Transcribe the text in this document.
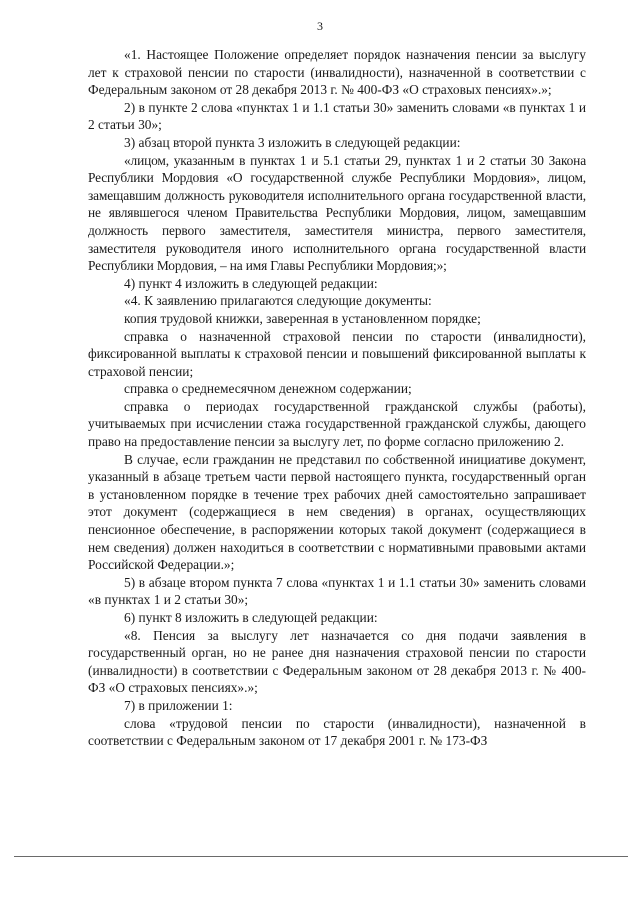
3

«1. Настоящее Положение определяет порядок назначения пенсии за выслугу лет к страховой пенсии по старости (инвалидности), назначенной в соответствии с Федеральным законом от 28 декабря 2013 г. № 400-ФЗ «О страховых пенсиях».»;

2) в пункте 2 слова «пунктах 1 и 1.1 статьи 30» заменить словами «в пунктах 1 и 2 статьи 30»;

3) абзац второй пункта 3 изложить в следующей редакции:

«лицом, указанным в пунктах 1 и 5.1 статьи 29, пунктах 1 и 2 статьи 30 Закона Республики Мордовия «О государственной службе Республики Мордовия», лицом, замещавшим должность руководителя исполнительного органа государственной власти, не являвшегося членом Правительства Республики Мордовия, лицом, замещавшим должность первого заместителя, заместителя министра, первого заместителя, заместителя руководителя иного исполнительного органа государственной власти Республики Мордовия, – на имя Главы Республики Мордовия;»;

4) пункт 4 изложить в следующей редакции:

«4. К заявлению прилагаются следующие документы:

копия трудовой книжки, заверенная в установленном порядке;

справка о назначенной страховой пенсии по старости (инвалидности), фиксированной выплаты к страховой пенсии и повышений фиксированной выплаты к страховой пенсии;

справка о среднемесячном денежном содержании;

справка о периодах государственной гражданской службы (работы), учитываемых при исчислении стажа государственной гражданской службы, дающего право на предоставление пенсии за выслугу лет, по форме согласно приложению 2.

В случае, если гражданин не представил по собственной инициативе документ, указанный в абзаце третьем части первой настоящего пункта, государственный орган в установленном порядке в течение трех рабочих дней самостоятельно запрашивает этот документ (содержащиеся в нем сведения) в органах, осуществляющих пенсионное обеспечение, в распоряжении которых такой документ (содержащиеся в нем сведения) должен находиться в соответствии с нормативными правовыми актами Российской Федерации.»;

5) в абзаце втором пункта 7 слова «пунктах 1 и 1.1 статьи 30» заменить словами «в пунктах 1 и 2 статьи 30»;

6) пункт 8 изложить в следующей редакции:

«8. Пенсия за выслугу лет назначается со дня подачи заявления в государственный орган, но не ранее дня назначения страховой пенсии по старости (инвалидности) в соответствии с Федеральным законом от 28 декабря 2013 г. № 400-ФЗ «О страховых пенсиях».»;

7) в приложении 1:

слова «трудовой пенсии по старости (инвалидности), назначенной в соответствии с Федеральным законом от 17 декабря 2001 г. № 173-ФЗ
